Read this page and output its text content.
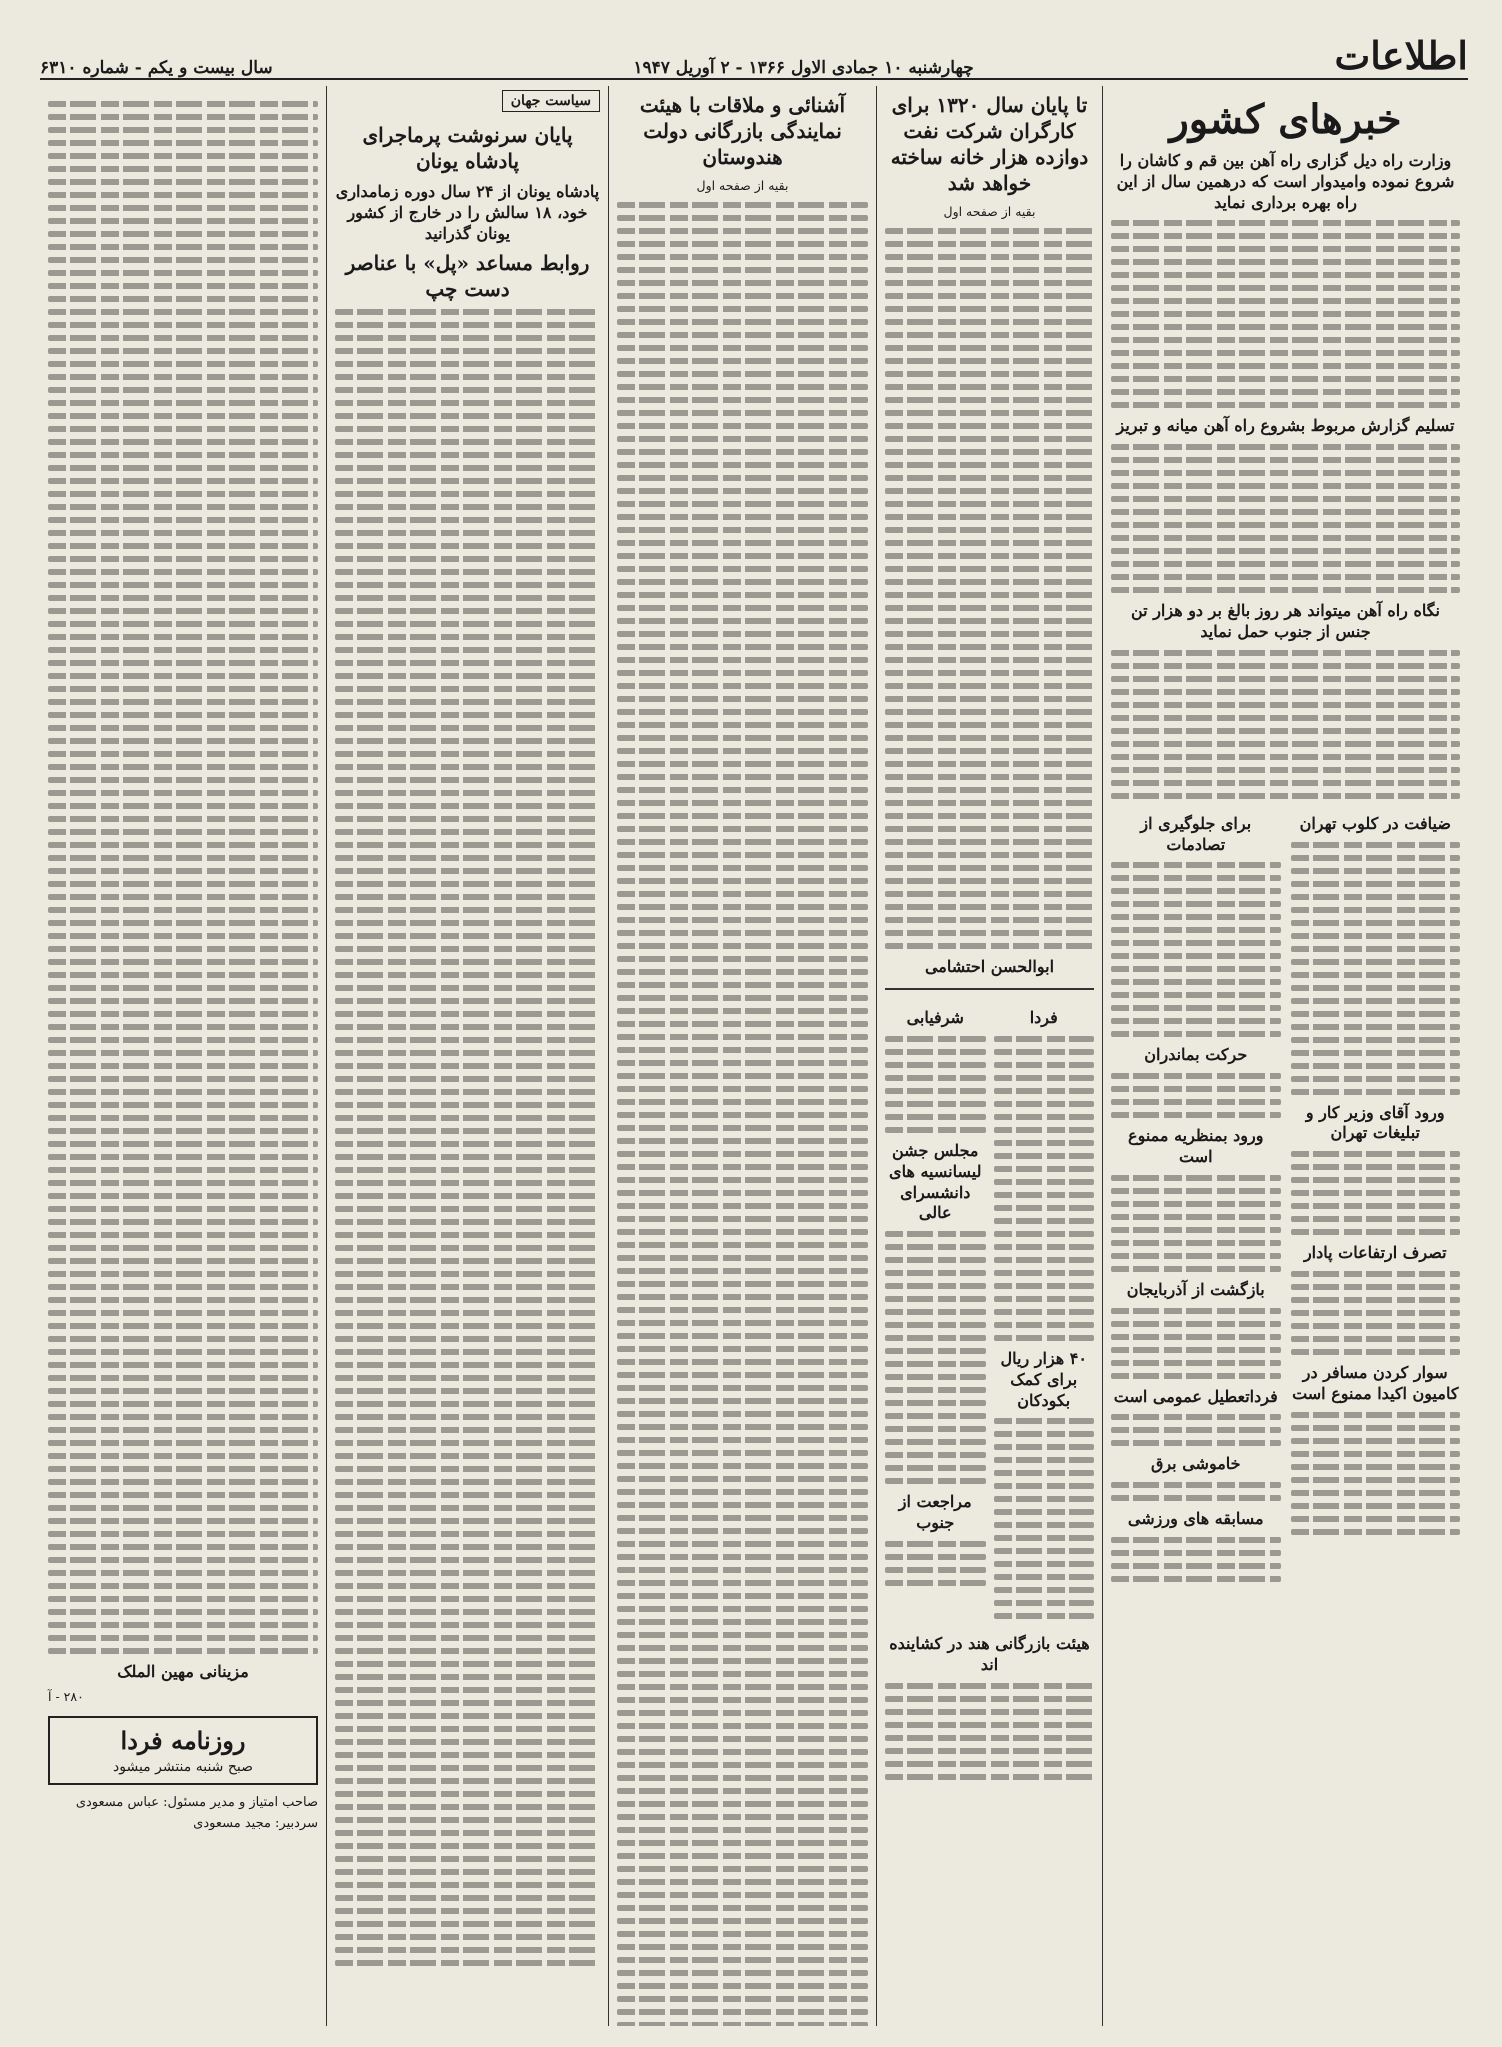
اطلاعات
چهارشنبه ۱۰ جمادی الاول ۱۳۶۶ - ۲ آوریل ۱۹۴۷
سال بیست و یکم - شماره ۶۳۱۰
خبرهای کشور
وزارت راه دیل گزاری راه آهن بین قم و کاشان را شروع نموده وامیدوار است که درهمین سال از این راه بهره برداری نماید
تسلیم گزارش مربوط بشروع راه آهن میانه و تبریز
نگاه راه آهن میتواند هر روز بالغ بر دو هزار تن جنس از جنوب حمل نماید
ضیافت در کلوب تهران
ورود آقای وزیر کار و تبلیغات تهران
تصرف ارتفاعات پادار
سوار کردن مسافر در کامیون اکیدا ممنوع است
برای جلوگیری از تصادمات
حرکت بماندران
ورود بمنظریه ممنوع است
بازگشت از آذربایجان
فرداتعطیل عمومی است
خاموشی برق
مسابقه های ورزشی
تا پایان سال ۱۳۲۰ برای کارگران شرکت نفت دوازده هزار خانه ساخته خواهد شد

بقیه از صفحه اول

ابوالحسن احتشامی
فردا
۴۰ هزار ریال برای کمک بکودکان
شرفیابی
مجلس جشن لیسانسیه های دانشسرای عالی
مراجعت از جنوب
هیئت بازرگانی هند در کشاینده اند
آشنائی و ملاقات با هیئت نمایندگی بازرگانی دولت هندوستان

بقیه از صفحه اول

سیاست جهان
پایان سرنوشت پرماجرای پادشاه یونان
پادشاه یونان از ۲۴ سال دوره زمامداری خود، ۱۸ سالش را در خارج از کشور یونان گذرانید
روابط مساعد «پل» با عناصر دست چپ
مزینانی مهین الملک

۲۸۰ - آ

روزنامه فردا
صبح شنبه منتشر میشود
صاحب امتیاز و مدیر مسئول: عباس مسعودی
سردبیر: مجید مسعودی
